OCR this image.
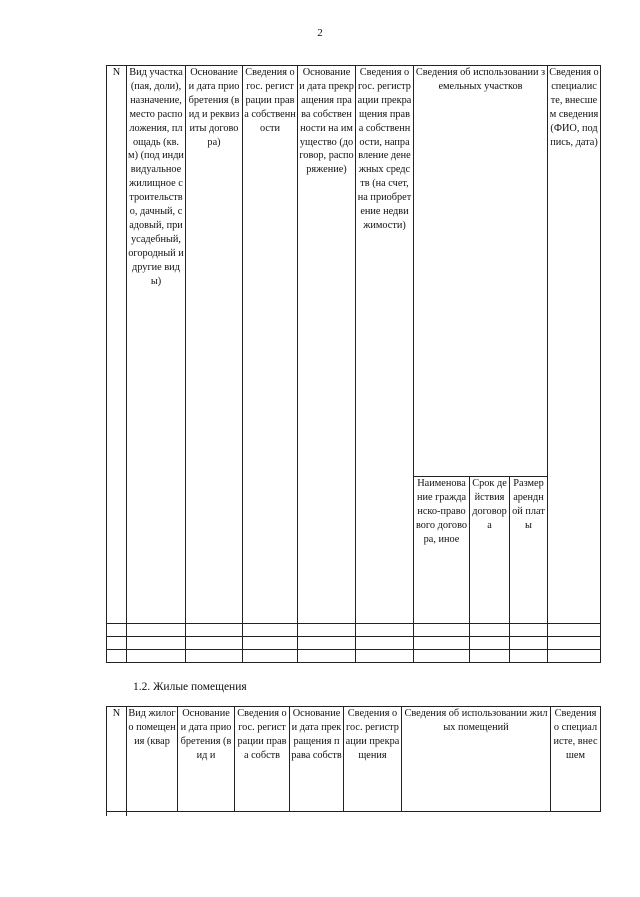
2
N	Вид участка (пая, доли), назначение, место расположения, площадь (кв. м) (под индивидуальное жилищное строительство, дачный, садовый, приусадебный, огородный и другие виды)	Основание и дата приобретения (вид и реквизиты договора)	Сведения о гос. регистрации права собственности	Основание и дата прекращения права собственности на имущество (договор, распоряжение)	Сведения о гос. регистрации прекращения права собственности, направление денежных средств (на счет, на приобретение недвижимости)	Сведения об использовании земельных участков			Сведения о специалисте, внесшем сведения (ФИО, подпись, дата)
						Наименование гражданско-правового договора, иное	Срок действия договора	Размер арендной платы	

1.2. Жилые помещения
N	Вид жилого помещения (квар	Основание и дата приобретения (вид и	Сведения о гос. регистрации права собств	Основание и дата прекращения права собств	Сведения о гос. регистрации прекращения	Сведения об использовании жилых помещений	Сведения о специалисте, внесшем
